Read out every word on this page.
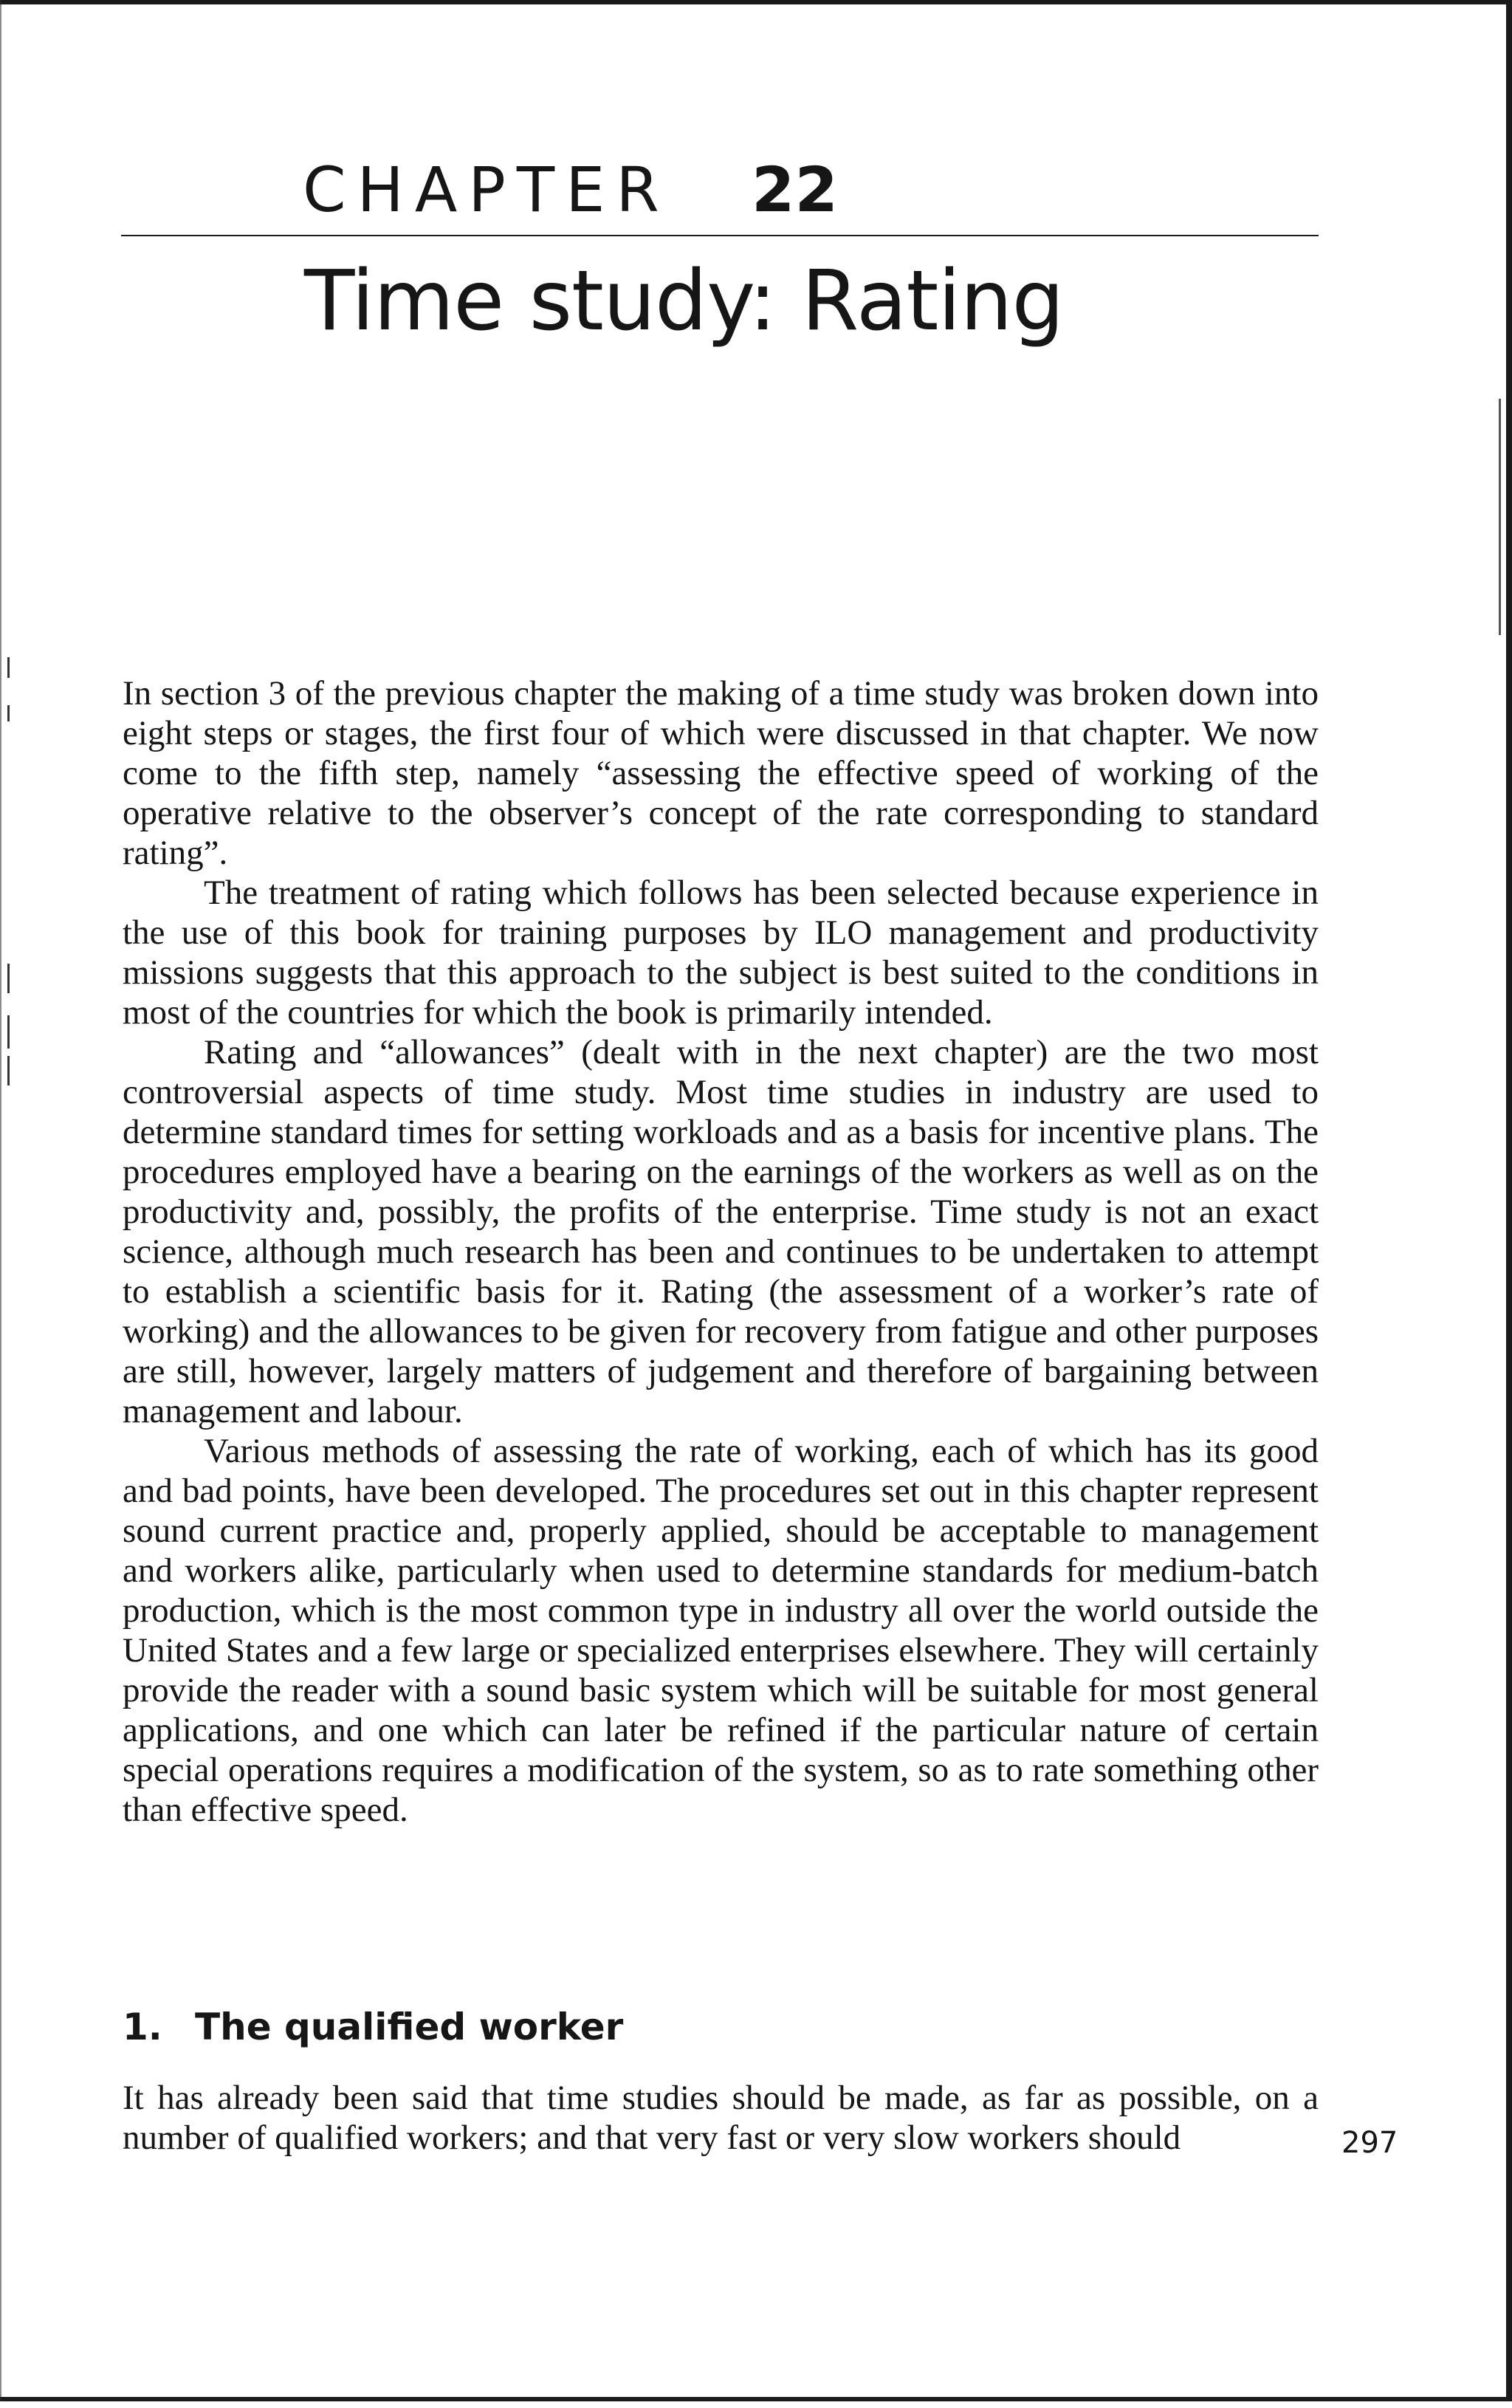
CHAPTER 22
Time study: Rating

In section 3 of the previous chapter the making of a time study was broken down into eight steps or stages, the first four of which were discussed in that chapter. We now come to the fifth step, namely “assessing the effective speed of working of the operative relative to the observer’s concept of the rate corresponding to standard rating”.

The treatment of rating which follows has been selected because experience in the use of this book for training purposes by ILO management and productivity missions suggests that this approach to the subject is best suited to the conditions in most of the countries for which the book is primarily intended.

Rating and “allowances” (dealt with in the next chapter) are the two most controversial aspects of time study. Most time studies in industry are used to determine standard times for setting workloads and as a basis for incentive plans. The procedures employed have a bearing on the earnings of the workers as well as on the productivity and, possibly, the profits of the enterprise. Time study is not an exact science, although much research has been and continues to be undertaken to attempt to establish a scientific basis for it. Rating (the assessment of a worker’s rate of working) and the allowances to be given for recovery from fatigue and other purposes are still, however, largely matters of judgement and therefore of bargaining between management and labour.

Various methods of assessing the rate of working, each of which has its good and bad points, have been developed. The procedures set out in this chapter represent sound current practice and, properly applied, should be acceptable to management and workers alike, particularly when used to determine standards for medium-batch production, which is the most common type in industry all over the world outside the United States and a few large or specialized enterprises elsewhere. They will certainly provide the reader with a sound basic system which will be suitable for most general applications, and one which can later be refined if the particular nature of certain special operations requires a modification of the system, so as to rate something other than effective speed.

1. The qualified worker

It has already been said that time studies should be made, as far as possible, on a number of qualified workers; and that very fast or very slow workers should	297
